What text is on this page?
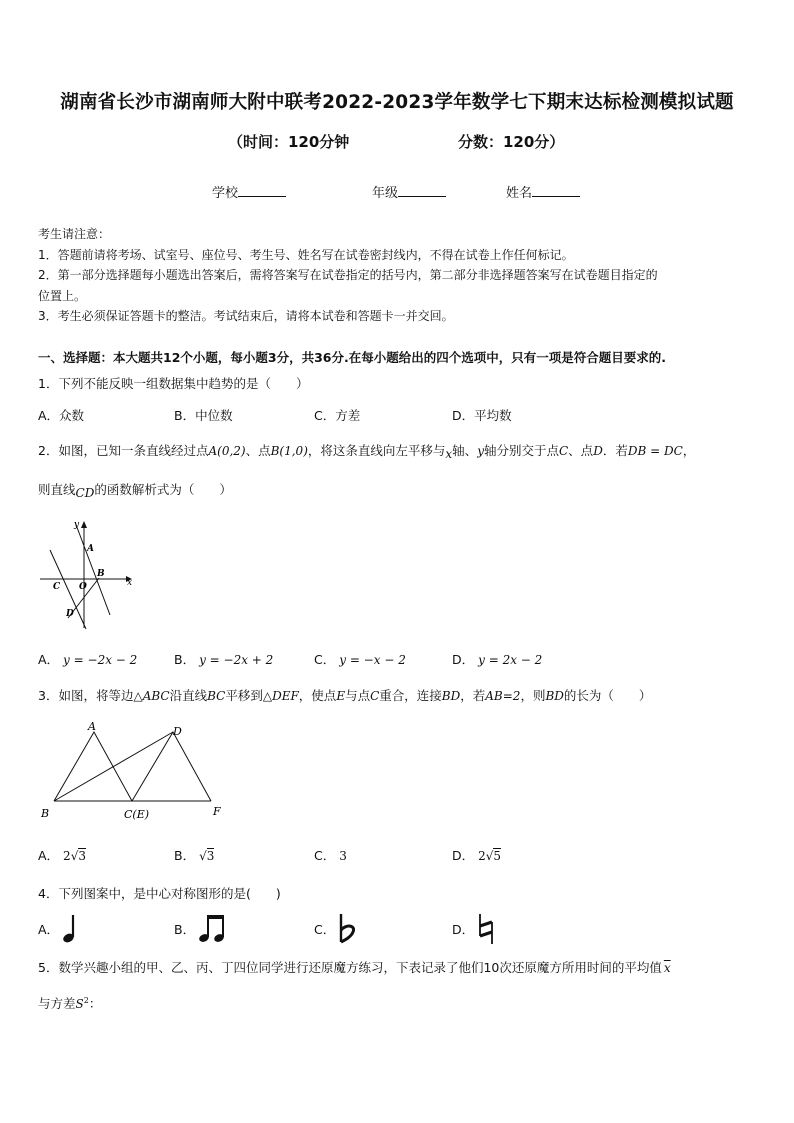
湖南省长沙市湖南师大附中联考2022-2023学年数学七下期末达标检测模拟试题
（时间：120分钟	分数：120分）
学校	年级	姓名
考生请注意：
1．答题前请将考场、试室号、座位号、考生号、姓名写在试卷密封线内，不得在试卷上作任何标记。
2．第一部分选择题每小题选出答案后，需将答案写在试卷指定的括号内，第二部分非选择题答案写在试卷题目指定的
位置上。
3．考生必须保证答题卡的整洁。考试结束后，请将本试卷和答题卡一并交回。
一、选择题：本大题共12个小题，每小题3分，共36分.在每小题给出的四个选项中，只有一项是符合题目要求的.
1．下列不能反映一组数据集中趋势的是（　　）
A．众数	B．中位数	C．方差	D．平均数
2．如图，已知一条直线经过点A(0,2)、点B(1,0)，将这条直线向左平移与x轴、y轴分别交于点C、点D．若DB = DC，
则直线CD的函数解析式为（　　）
y
x
A
B
C O
D
A． y = −2x − 2	B． y = −2x + 2	C． y = −x − 2	D． y = 2x − 2
3．如图，将等边△ABC沿直线BC平移到△DEF，使点E与点C重合，连接BD，若AB=2，则BD的长为（　　）
A	D
B	C(E)	F
A． 2√3	B． √3	C． 3	D． 2√5
4．下列图案中，是中心对称图形的是(　　)
A．	B．	C．	D．
5．数学兴趣小组的甲、乙、丙、丁四位同学进行还原魔方练习，下表记录了他们10次还原魔方所用时间的平均值 $\overline{x}$
与方差$S^2$：
